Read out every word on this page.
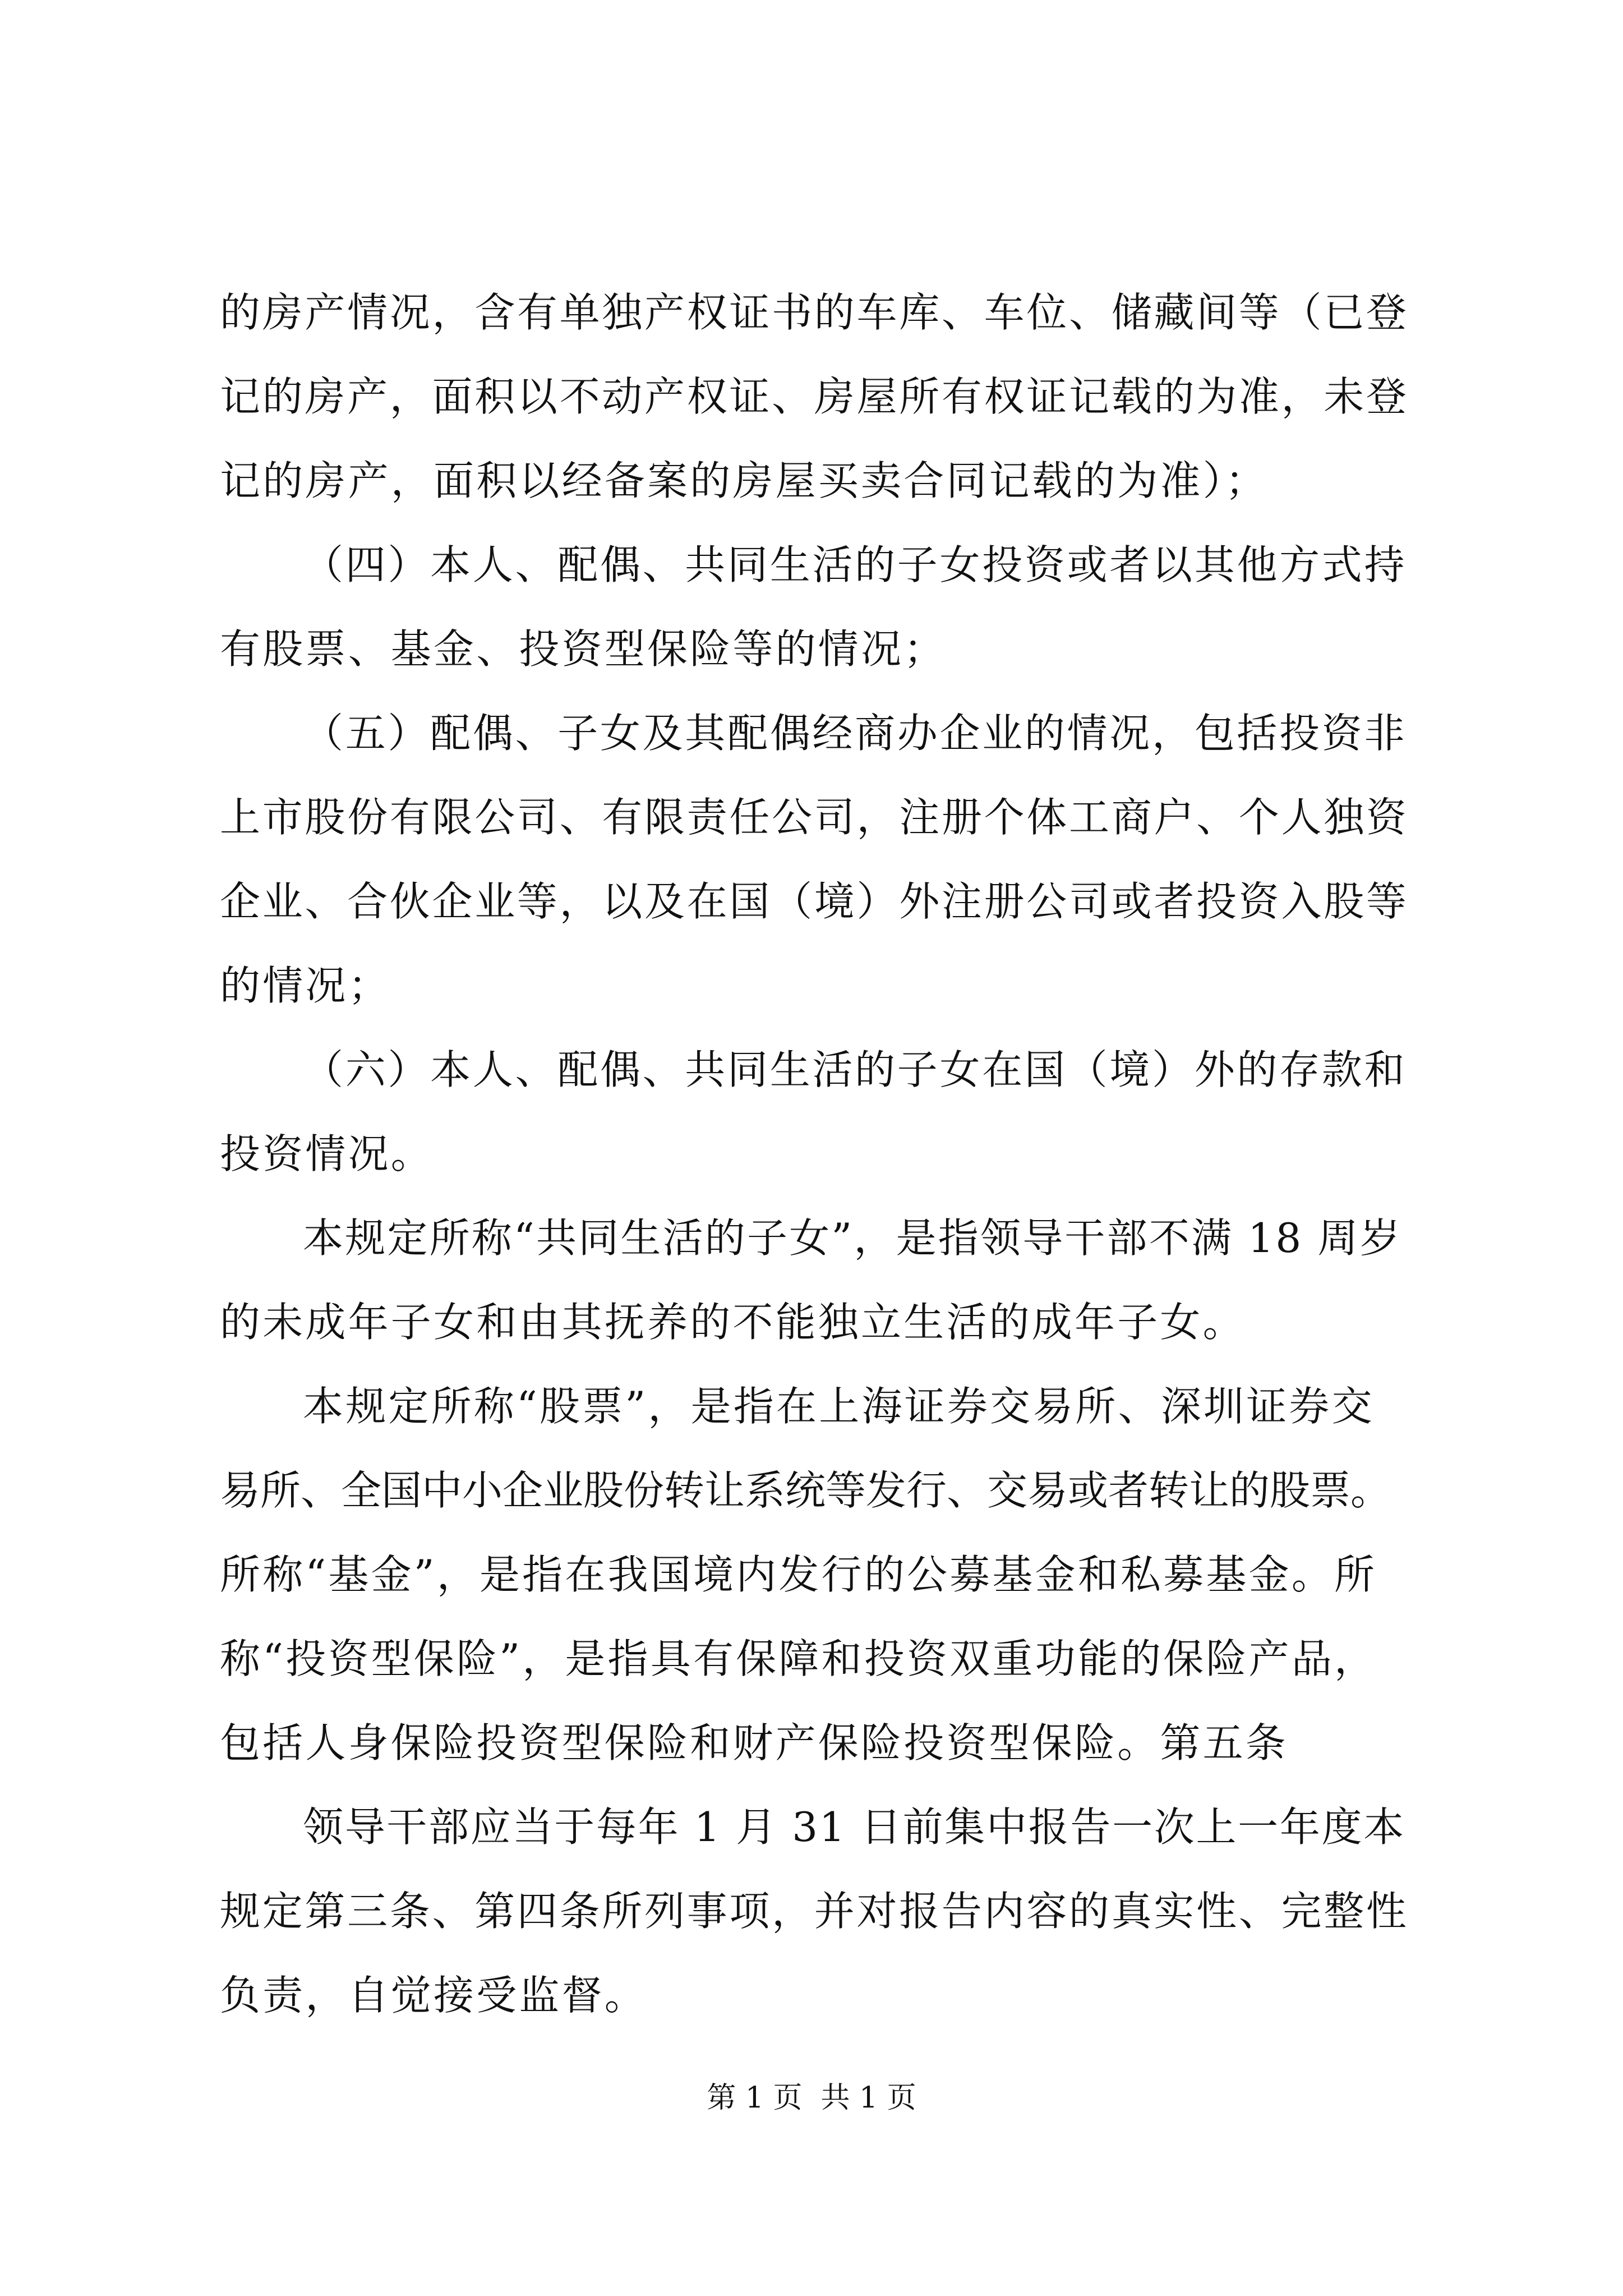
的房产情况，含有单独产权证书的车库、车位、储藏间等（已登
记的房产，面积以不动产权证、房屋所有权证记载的为准，未登
记的房产，面积以经备案的房屋买卖合同记载的为准）；
（四）本人、配偶、共同生活的子女投资或者以其他方式持
有股票、基金、投资型保险等的情况；
（五）配偶、子女及其配偶经商办企业的情况，包括投资非
上市股份有限公司、有限责任公司，注册个体工商户、个人独资
企业、合伙企业等，以及在国（境）外注册公司或者投资入股等
的情况；
（六）本人、配偶、共同生活的子女在国（境）外的存款和
投资情况。
本规定所称“共同生活的子女”，是指领导干部不满 18 周岁
的未成年子女和由其抚养的不能独立生活的成年子女。
本规定所称“股票”，是指在上海证券交易所、深圳证券交
易所、全国中小企业股份转让系统等发行、交易或者转让的股票。
所称“基金”，是指在我国境内发行的公募基金和私募基金。所
称“投资型保险”，是指具有保障和投资双重功能的保险产品，
包括人身保险投资型保险和财产保险投资型保险。第五条
领导干部应当于每年 1 月 31 日前集中报告一次上一年度本
规定第三条、第四条所列事项，并对报告内容的真实性、完整性
负责，自觉接受监督。
第 1 页  共 1 页
